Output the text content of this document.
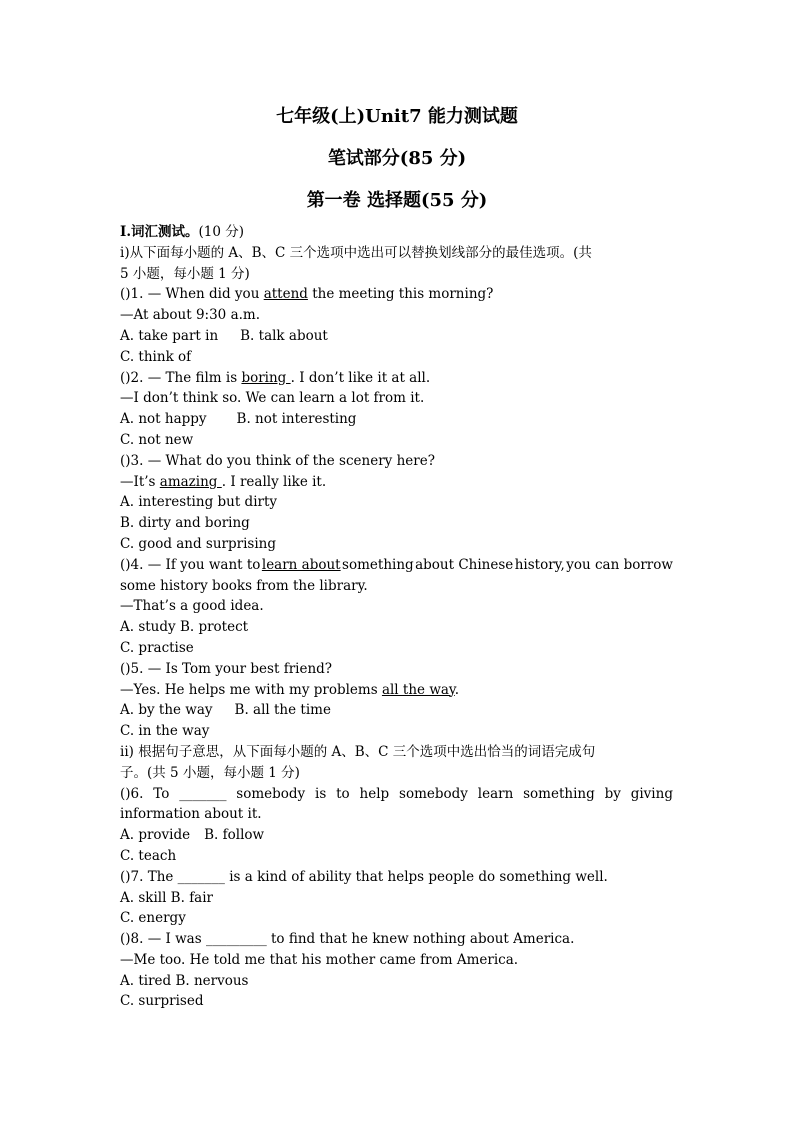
七年级(上)Unit7 能力测试题
笔试部分(85 分)
第一卷 选择题(55 分)
I.词汇测试。(10 分)
i)从下面每小题的 A、B、C 三个选项中选出可以替换划线部分的最佳选项。(共
5 小题，每小题 1 分)
()1. — When did you attend the meeting this morning?
—At about 9:30 a.m.
A. take part in B. talk about
C. think of
()2. — The film is boring . I don’t like it at all.
—I don’t think so. We can learn a lot from it.
A. not happy B. not interesting
C. not new
()3. — What do you think of the scenery here?
—It’s amazing . I really like it.
A. interesting but dirty
B. dirty and boring
C. good and surprising
()4. — If you want to learn about something about Chinese history, you can borrow
some history books from the library.
—That’s a good idea.
A. study B. protect
C. practise
()5. — Is Tom your best friend?
—Yes. He helps me with my problems all the way.
A. by the way B. all the time
C. in the way
ii) 根据句子意思，从下面每小题的 A、B、C 三个选项中选出恰当的词语完成句
子。(共 5 小题，每小题 1 分)
()6. To _______ somebody is to help somebody learn something by giving
information about it.
A. provide B. follow
C. teach
()7. The _______ is a kind of ability that helps people do something well.
A. skill B. fair
C. energy
()8. — I was _________ to find that he knew nothing about America.
—Me too. He told me that his mother came from America.
A. tired B. nervous
C. surprised
